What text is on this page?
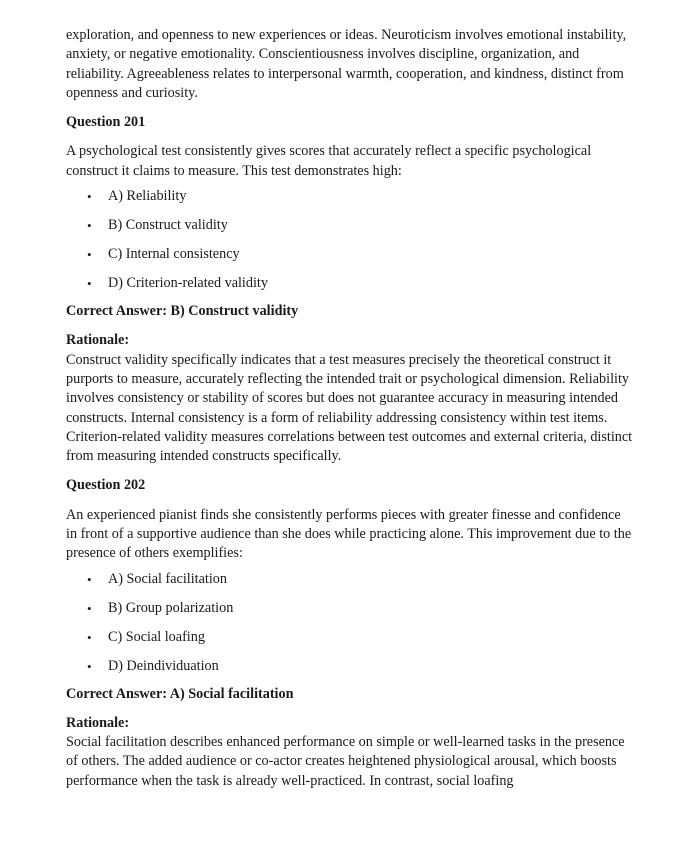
exploration, and openness to new experiences or ideas. Neuroticism involves emotional instability, anxiety, or negative emotionality. Conscientiousness involves discipline, organization, and reliability. Agreeableness relates to interpersonal warmth, cooperation, and kindness, distinct from openness and curiosity.

Question 201

A psychological test consistently gives scores that accurately reflect a specific psychological construct it claims to measure. This test demonstrates high:

• A) Reliability
• B) Construct validity
• C) Internal consistency
• D) Criterion-related validity

Correct Answer: B) Construct validity

Rationale:

Construct validity specifically indicates that a test measures precisely the theoretical construct it purports to measure, accurately reflecting the intended trait or psychological dimension. Reliability involves consistency or stability of scores but does not guarantee accuracy in measuring intended constructs. Internal consistency is a form of reliability addressing consistency within test items. Criterion-related validity measures correlations between test outcomes and external criteria, distinct from measuring intended constructs specifically.

Question 202

An experienced pianist finds she consistently performs pieces with greater finesse and confidence in front of a supportive audience than she does while practicing alone. This improvement due to the presence of others exemplifies:

• A) Social facilitation
• B) Group polarization
• C) Social loafing
• D) Deindividuation

Correct Answer: A) Social facilitation

Rationale:

Social facilitation describes enhanced performance on simple or well-learned tasks in the presence of others. The added audience or co-actor creates heightened physiological arousal, which boosts performance when the task is already well-practiced. In contrast, social loafing
